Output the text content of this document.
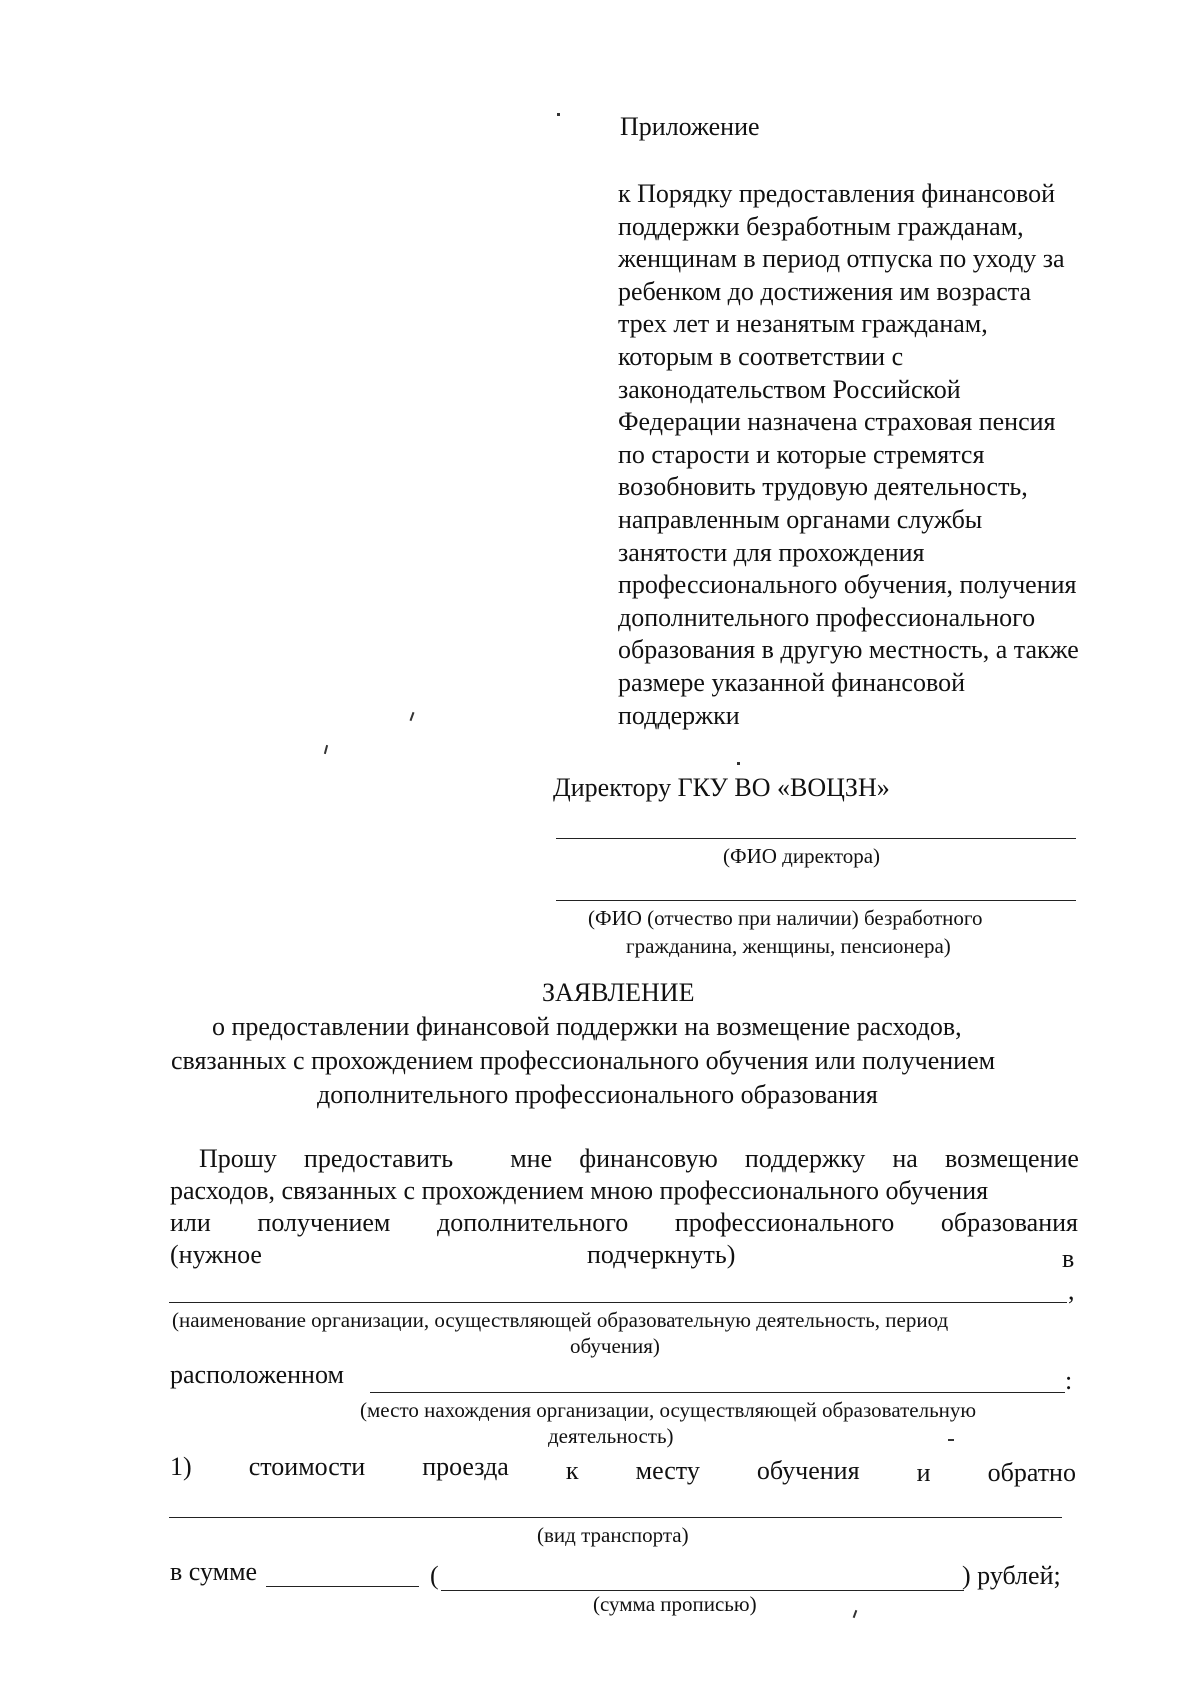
Приложение
к Порядку предоставления финансовой
поддержки безработным гражданам,
женщинам в период отпуска по уходу за
ребенком до достижения им возраста
трех лет и незанятым гражданам,
которым в соответствии с
законодательством Российской
Федерации назначена страховая пенсия
по старости и которые стремятся
возобновить трудовую деятельность,
направленным органами службы
занятости для прохождения
профессионального обучения, получения
дополнительного профессионального
образования в другую местность, а также
размере указанной финансовой
поддержки
Директору ГКУ ВО «ВОЦЗН»
(ФИО директора)
(ФИО (отчество при наличии) безработного
гражданина, женщины, пенсионера)
ЗАЯВЛЕНИЕ
о предоставлении финансовой поддержки на возмещение расходов,
связанных с прохождением профессионального обучения или получением
дополнительного профессионального образования
Прошу предоставить мне финансовую поддержку на возмещение
расходов, связанных с прохождением мною профессионального обучения
или получением дополнительного профессионального образования
(нужное	подчеркнуть)	в
,
(наименование организации, осуществляющей образовательную деятельность, период
обучения)
расположенном	:
(место нахождения организации, осуществляющей образовательную
деятельность)
1) стоимости проезда к месту обучения и обратно
(вид транспорта)
в сумме	(	) рублей;
(сумма прописью)
